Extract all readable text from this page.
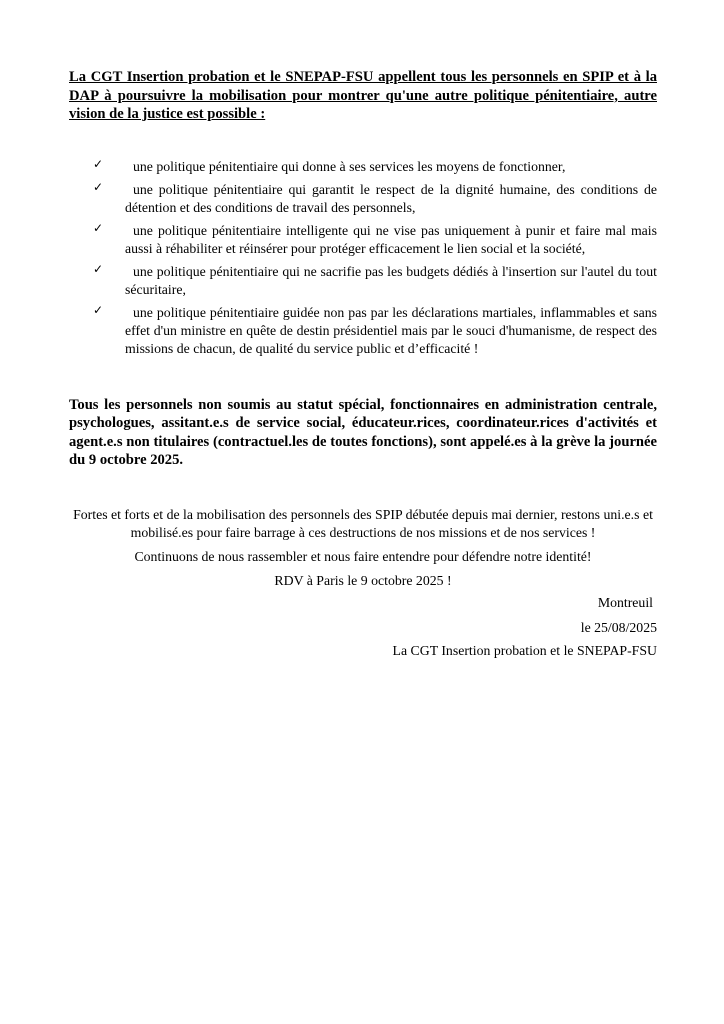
La CGT Insertion probation et le SNEPAP-FSU appellent tous les personnels en SPIP et à la DAP à poursuivre la mobilisation pour montrer qu'une autre politique pénitentiaire, autre vision de la justice est possible :

✓	une politique pénitentiaire qui donne à ses services les moyens de fonctionner,
✓	une politique pénitentiaire qui garantit le respect de la dignité humaine, des conditions de détention et des conditions de travail des personnels,
✓	une politique pénitentiaire intelligente qui ne vise pas uniquement à punir et faire mal mais aussi à réhabiliter et réinsérer pour protéger efficacement le lien social et la société,
✓	une politique pénitentiaire qui ne sacrifie pas les budgets dédiés à l'insertion sur l'autel du tout sécuritaire,
✓	une politique pénitentiaire guidée non pas par les déclarations martiales, inflammables et sans effet d'un ministre en quête de destin présidentiel mais par le souci d'humanisme, de respect des missions de chacun, de qualité du service public et d’efficacité !

Tous les personnels non soumis au statut spécial, fonctionnaires en administration centrale, psychologues, assitant.e.s de service social, éducateur.rices, coordinateur.rices d'activités et agent.e.s non titulaires (contractuel.les de toutes fonctions), sont appelé.es à la grève la journée du 9 octobre 2025.

Fortes et forts et de la mobilisation des personnels des SPIP débutée depuis mai dernier, restons uni.e.s et mobilisé.es pour faire barrage à ces destructions de nos missions et de nos services !

Continuons de nous rassembler et nous faire entendre pour défendre notre identité!

RDV à Paris le 9 octobre 2025 !

Montreuil
le 25/08/2025
La CGT Insertion probation et le SNEPAP-FSU
